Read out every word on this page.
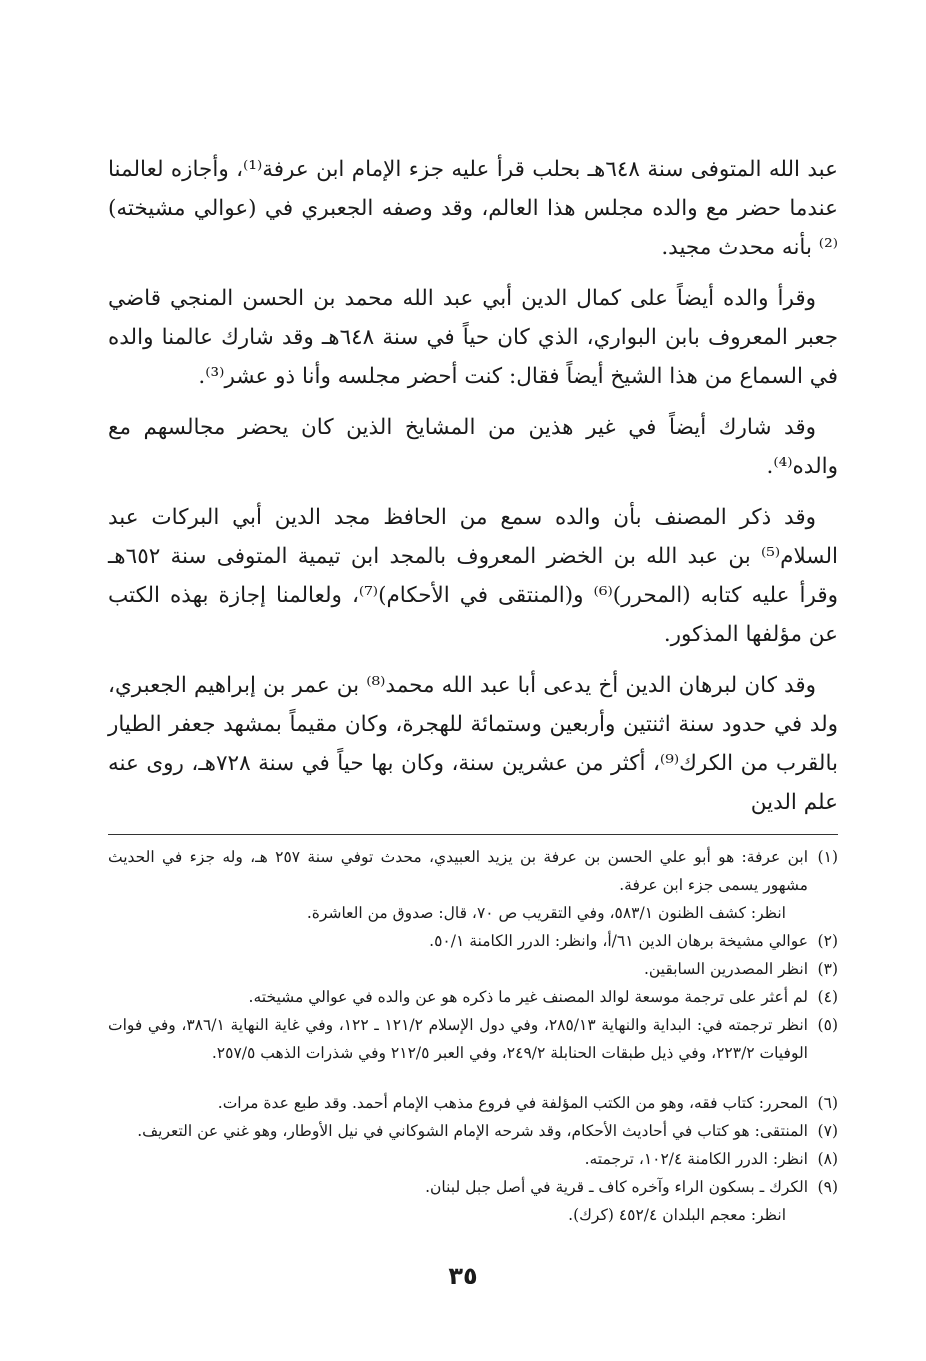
عبد الله المتوفى سنة ٦٤٨هـ بحلب قرأ عليه جزء الإمام ابن عرفة⁽¹⁾، وأجازه لعالمنا عندما حضر مع والده مجلس هذا العالم، وقد وصفه الجعبري في (عوالي مشيخته)⁽²⁾ بأنه محدث مجيد.

وقرأ والده أيضاً على كمال الدين أبي عبد الله محمد بن الحسن المنجي قاضي جعبر المعروف بابن البواري، الذي كان حياً في سنة ٦٤٨هـ وقد شارك عالمنا والده في السماع من هذا الشيخ أيضاً فقال: كنت أحضر مجلسه وأنا ذو عشر⁽³⁾.

وقد شارك أيضاً في غير هذين من المشايخ الذين كان يحضر مجالسهم مع والده⁽⁴⁾.

وقد ذكر المصنف بأن والده سمع من الحافظ مجد الدين أبي البركات عبد السلام⁽⁵⁾ بن عبد الله بن الخضر المعروف بالمجد ابن تيمية المتوفى سنة ٦٥٢هـ وقرأ عليه كتابه (المحرر)⁽⁶⁾ و(المنتقى في الأحكام)⁽⁷⁾، ولعالمنا إجازة بهذه الكتب عن مؤلفها المذكور.

وقد كان لبرهان الدين أخ يدعى أبا عبد الله محمد⁽⁸⁾ بن عمر بن إبراهيم الجعبري، ولد في حدود سنة اثنتين وأربعين وستمائة للهجرة، وكان مقيماً بمشهد جعفر الطيار بالقرب من الكرك⁽⁹⁾، أكثر من عشرين سنة، وكان بها حياً في سنة ٧٢٨هـ، روى عنه علم الدين

(١)
ابن عرفة: هو أبو علي الحسن بن عرفة بن يزيد العبيدي، محدث توفي سنة ٢٥٧ هـ، وله جزء في الحديث مشهور يسمى جزء ابن عرفة.
انظر: كشف الظنون ٥٨٣/١، وفي التقريب ص ٧٠، قال: صدوق من العاشرة.
(٢)
عوالي مشيخة برهان الدين ٦١/أ، وانظر: الدرر الكامنة ٥٠/١.
(٣)
انظر المصدرين السابقين.
(٤)
لم أعثر على ترجمة موسعة لوالد المصنف غير ما ذكره هو عن والده في عوالي مشيخته.
(٥)
انظر ترجمته في: البداية والنهاية ٢٨٥/١٣، وفي دول الإسلام ١٢١/٢ ـ ١٢٢، وفي غاية النهاية ٣٨٦/١، وفي فوات الوفيات ٢٢٣/٢، وفي ذيل طبقات الحنابلة ٢٤٩/٢، وفي العبر ٢١٢/٥ وفي شذرات الذهب ٢٥٧/٥.
(٦)
المحرر: كتاب فقه، وهو من الكتب المؤلفة في فروع مذهب الإمام أحمد. وقد طبع عدة مرات.
(٧)
المنتقى: هو كتاب في أحاديث الأحكام، وقد شرحه الإمام الشوكاني في نيل الأوطار، وهو غني عن التعريف.
(٨)
انظر: الدرر الكامنة ١٠٢/٤، ترجمته.
(٩)
الكرك ـ بسكون الراء وآخره كاف ـ قرية في أصل جبل لبنان.
انظر: معجم البلدان ٤٥٢/٤ (كرك).
٣٥
